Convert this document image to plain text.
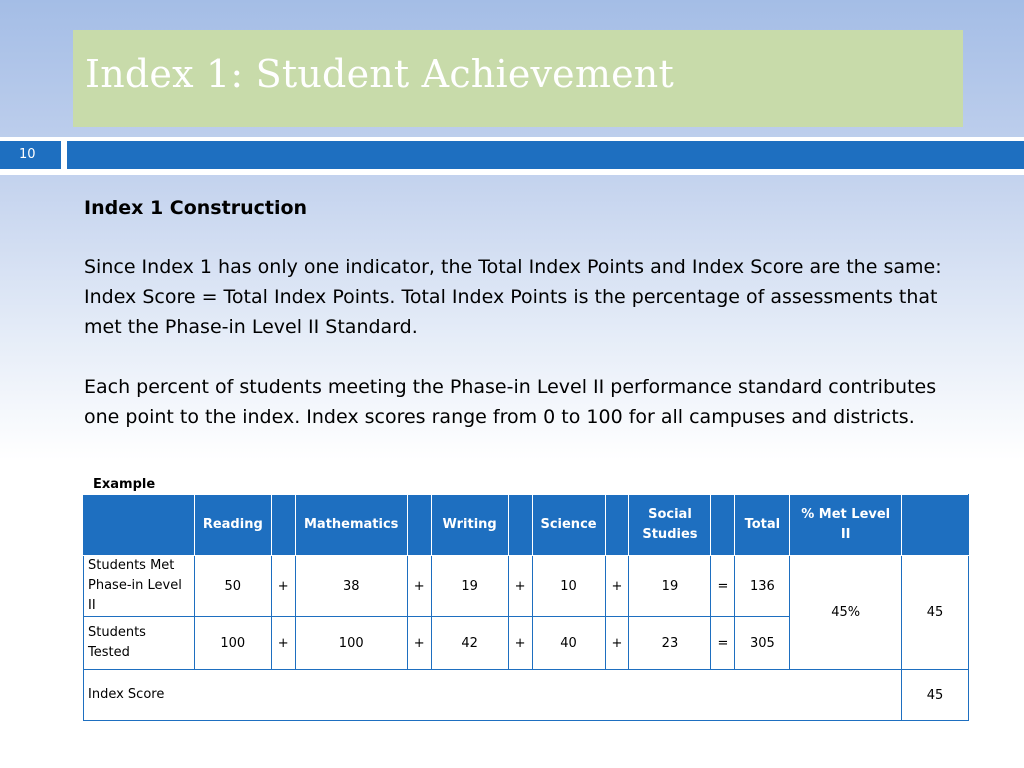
Index 1: Student Achievement
10

Index 1 Construction

Since Index 1 has only one indicator, the Total Index Points and Index Score are the same: Index Score = Total Index Points. Total Index Points is the percentage of assessments that met the Phase-in Level II Standard.

Each percent of students meeting the Phase-in Level II performance standard contributes one point to the index. Index scores range from 0 to 100 for all campuses and districts.

Example
	Reading		Mathematics		Writing		Science		Social Studies		Total	% Met Level II	
Students Met Phase-in Level II	50	+	38	+	19	+	10	+	19	=	136	45%	45
Students Tested	100	+	100	+	42	+	40	+	23	=	305		
Index Score													45
